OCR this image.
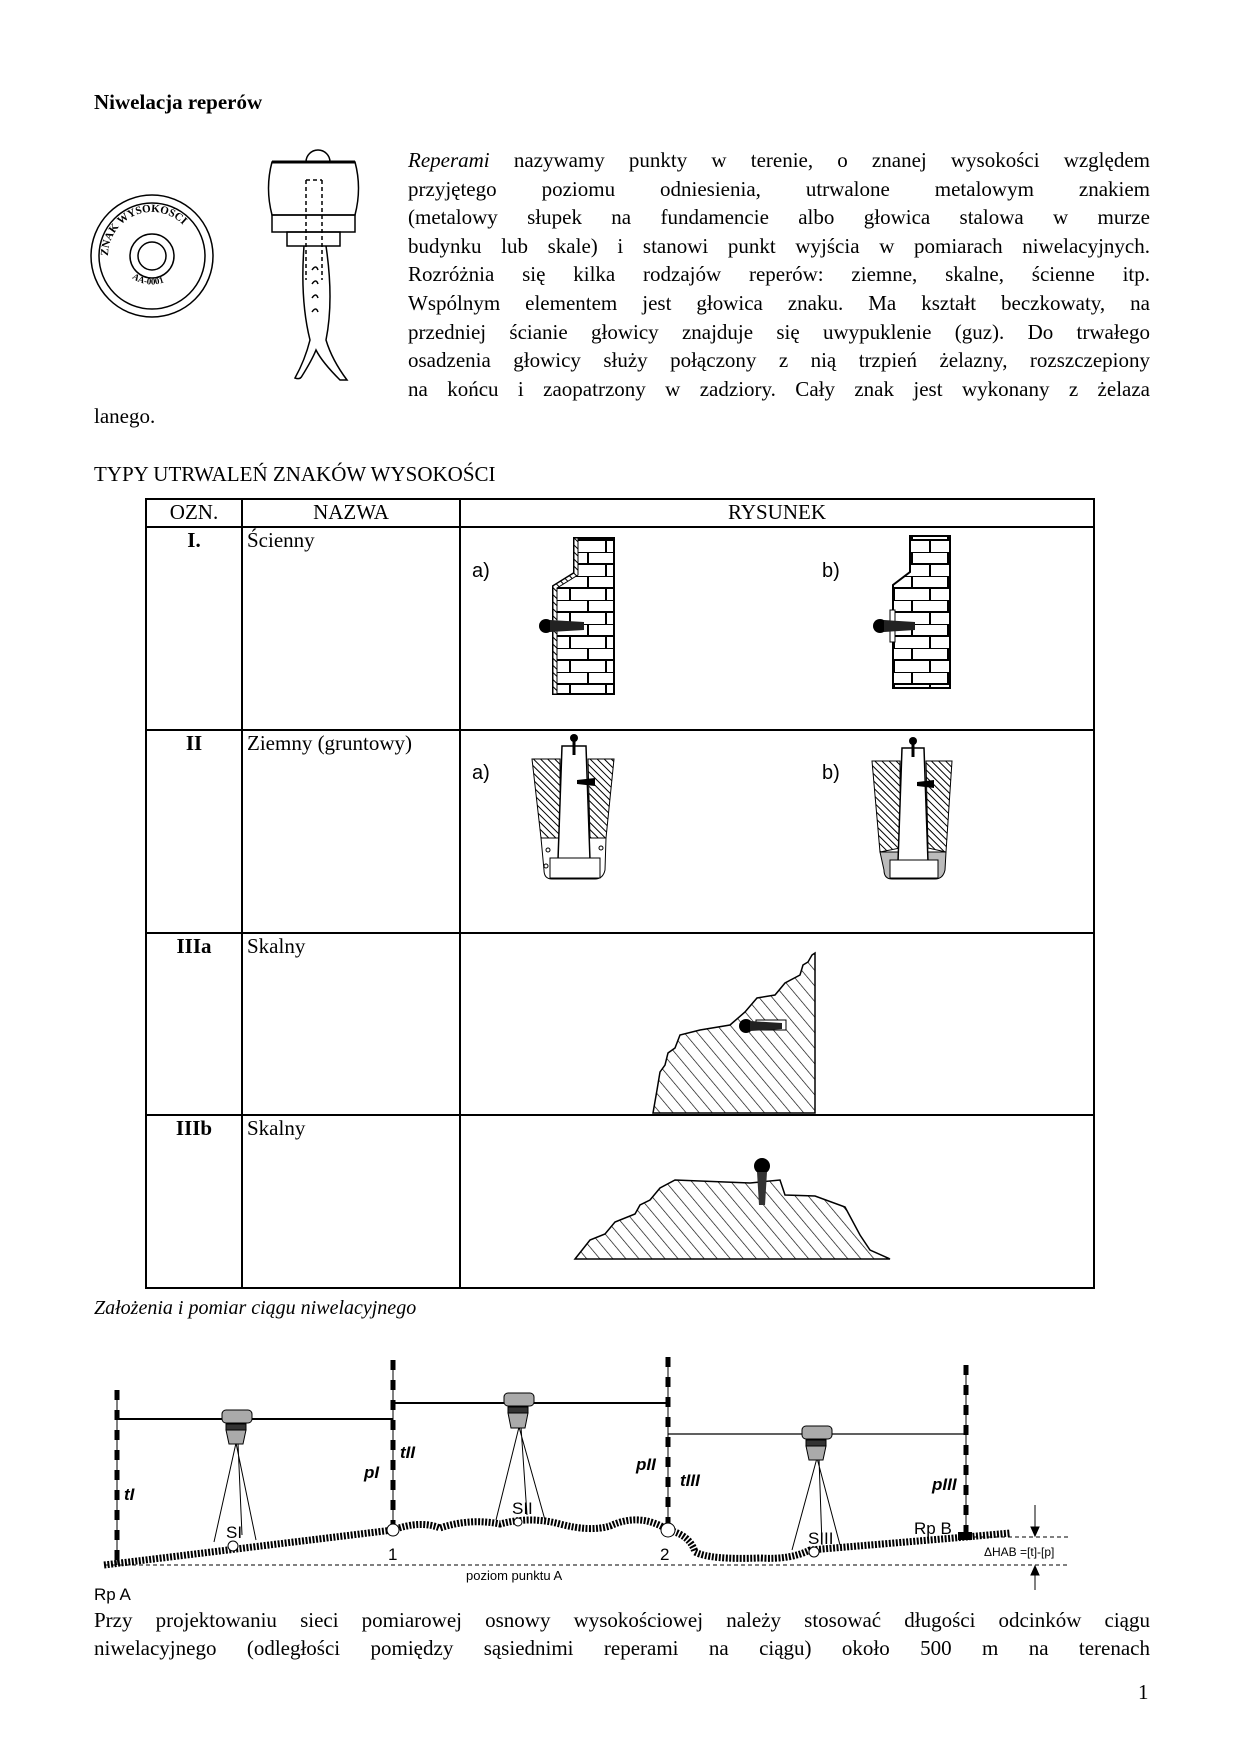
Niwelacja reperów
ZNAK WYSOKOŚCI
AA-0001
Reperami nazywamy punkty w terenie, o znanej wysokości względem
przyjętego poziomu odniesienia, utrwalone metalowym znakiem
(metalowy słupek na fundamencie albo głowica stalowa w murze
budynku lub skale) i stanowi punkt wyjścia w pomiarach niwelacyjnych.
Rozróżnia się kilka rodzajów reperów: ziemne, skalne, ścienne itp.
Wspólnym elementem jest głowica znaku. Ma kształt beczkowaty, na
przedniej ścianie głowicy znajduje się uwypuklenie (guz). Do trwałego
osadzenia głowicy służy połączony z nią trzpień żelazny, rozszczepiony
na końcu i zaopatrzony w zadziory. Cały znak jest wykonany z żelaza
lanego.
TYPY UTRWALEŃ ZNAKÓW WYSOKOŚCI
OZN.	NAZWA	RYSUNEK
I.	Ścienny	
II	Ziemny (gruntowy)	
IIIa	Skalny	
IIIb	Skalny	
a)	b)
a)	b)
Założenia i pomiar ciągu niwelacyjnego
tI
pI
tII
pII
tIII	pIII
SI
SII
SIII
1	2
Rp B
Rp A
poziom punktu A
ΔHAB =[t]-[p]
Przy projektowaniu sieci pomiarowej osnowy wysokościowej należy stosować długości odcinków ciągu
niwelacyjnego (odległości pomiędzy sąsiednimi reperami na ciągu) około 500 m na terenach
1
